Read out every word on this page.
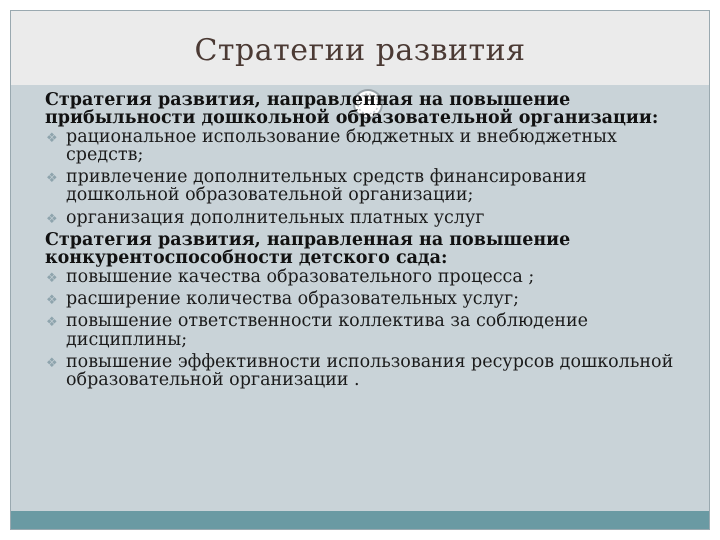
Стратегии развития

Стратегия развития, направленная на повышение прибыльности дошкольной образовательной организации:

❖ рациональное использование бюджетных и внебюджетных средств;
❖ привлечение дополнительных средств финансирования дошкольной образовательной организации;
❖ организация дополнительных платных услуг

Стратегия развития, направленная на повышение конкурентоспособности детского сада:

❖ повышение качества образовательного процесса ;
❖ расширение количества образовательных услуг;
❖ повышение ответственности коллектива за соблюдение дисциплины;
❖ повышение эффективности использования ресурсов дошкольной образовательной организации .
